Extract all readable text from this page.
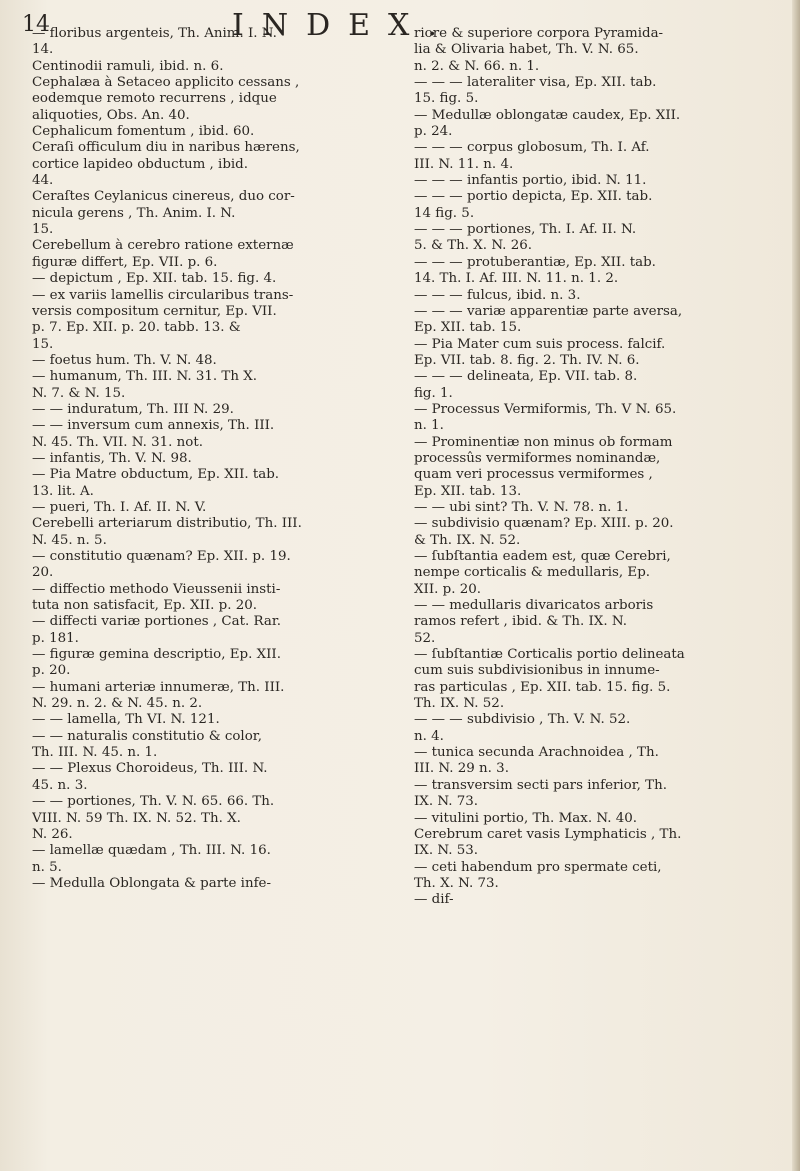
14	INDEX.
— floribus argenteis, Th. Anim. I. N.
14.
Centinodii ramuli, ibid. n. 6.
Cephalæa à Setaceo applicito cessans ,
eodemque remoto recurrens , idque
aliquoties, Obs. An. 40.
Cephalicum fomentum , ibid. 60.
Ceraſi officulum diu in naribus hærens,
cortice lapideo obductum , ibid.
44.
Ceraſtes Ceylanicus cinereus, duo cor-
nicula gerens , Th. Anim. I. N.
15.
Cerebellum à cerebro ratione externæ
figuræ differt, Ep. VII. p. 6.
— depictum , Ep. XII. tab. 15. fig. 4.
— ex variis lamellis circularibus trans-
versis compositum cernitur, Ep. VII.
p. 7. Ep. XII. p. 20. tabb. 13. &
15.
— foetus hum. Th. V. N. 48.
— humanum, Th. III. N. 31. Th X.
N. 7. & N. 15.
— — induratum, Th. III N. 29.
— — inversum cum annexis, Th. III.
N. 45. Th. VII. N. 31. not.
— infantis, Th. V. N. 98.
— Pia Matre obductum, Ep. XII. tab.
13. lit. A.
— pueri, Th. I. Af. II. N. V.
Cerebelli arteriarum distributio, Th. III.
N. 45. n. 5.
— constitutio quænam? Ep. XII. p. 19.
20.
— diffectio methodo Vieussenii insti-
tuta non satisfacit, Ep. XII. p. 20.
— diffecti variæ portiones , Cat. Rar.
p. 181.
— figuræ gemina descriptio, Ep. XII.
p. 20.
— humani arteriæ innumeræ, Th. III.
N. 29. n. 2. & N. 45. n. 2.
— — lamella, Th VI. N. 121.
— — naturalis constitutio & color,
Th. III. N. 45. n. 1.
— — Plexus Choroideus, Th. III. N.
45. n. 3.
— — portiones, Th. V. N. 65. 66. Th.
VIII. N. 59 Th. IX. N. 52. Th. X.
N. 26.
— lamellæ quædam , Th. III. N. 16.
n. 5.
— Medulla Oblongata & parte infe-
riore & superiore corpora Pyramida-
lia & Olivaria habet, Th. V. N. 65.
n. 2. & N. 66. n. 1.
— — — lateraliter visa, Ep. XII. tab.
15. fig. 5.
— Medullæ oblongatæ caudex, Ep. XII.
p. 24.
— — — corpus globosum, Th. I. Af.
III. N. 11. n. 4.
— — — infantis portio, ibid. N. 11.
— — — portio depicta, Ep. XII. tab.
14 fig. 5.
— — — portiones, Th. I. Af. II. N.
5. & Th. X. N. 26.
— — — protuberantiæ, Ep. XII. tab.
14. Th. I. Af. III. N. 11. n. 1. 2.
— — — fulcus, ibid. n. 3.
— — — variæ apparentiæ parte aversa,
Ep. XII. tab. 15.
— Pia Mater cum suis process. falcif.
Ep. VII. tab. 8. fig. 2. Th. IV. N. 6.
— — — delineata, Ep. VII. tab. 8.
fig. 1.
— Processus Vermiformis, Th. V N. 65.
n. 1.
— Prominentiæ non minus ob formam
processûs vermiformes nominandæ,
quam veri processus vermiformes ,
Ep. XII. tab. 13.
— — ubi sint? Th. V. N. 78. n. 1.
— subdivisio quænam? Ep. XIII. p. 20.
& Th. IX. N. 52.
— ſubſtantia eadem est, quæ Cerebri,
nempe corticalis & medullaris, Ep.
XII. p. 20.
— — medullaris divaricatos arboris
ramos refert , ibid. & Th. IX. N.
52.
— ſubſtantiæ Corticalis portio delineata
cum suis subdivisionibus in innume-
ras particulas , Ep. XII. tab. 15. fig. 5.
Th. IX. N. 52.
— — — subdivisio , Th. V. N. 52.
n. 4.
— tunica secunda Arachnoidea , Th.
III. N. 29 n. 3.
— transversim secti pars inferior, Th.
IX. N. 73.
— vitulini portio, Th. Max. N. 40.
Cerebrum caret vasis Lymphaticis , Th.
IX. N. 53.
— ceti habendum pro spermate ceti,
Th. X. N. 73.
— dif-
